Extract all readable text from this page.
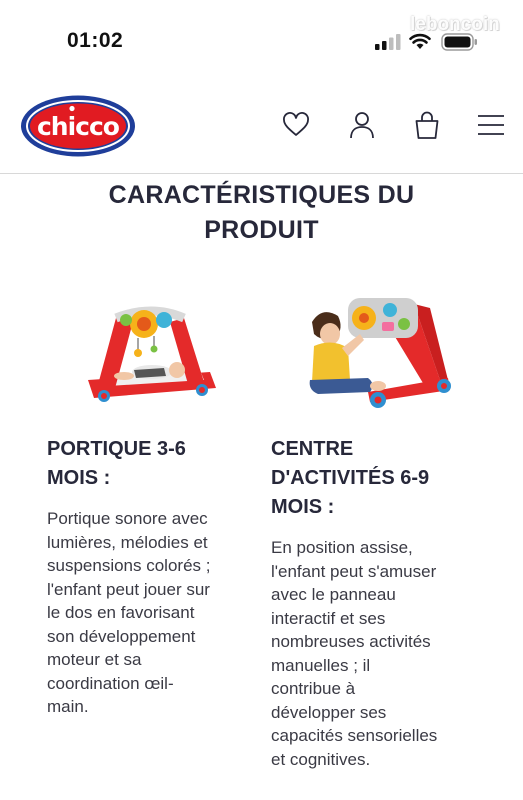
01:02
leboncoin
chicco
CARACTÉRISTIQUES DU
PRODUIT
PORTIQUE 3-6
MOIS :
CENTRE
D'ACTIVITÉS 6-9
MOIS :
Portique sonore avec
lumières, mélodies et
suspensions colorés ;
l'enfant peut jouer sur
le dos en favorisant
son développement
moteur et sa
coordination œil-
main.
En position assise,
l'enfant peut s'amuser
avec le panneau
interactif et ses
nombreuses activités
manuelles ; il
contribue à
développer ses
capacités sensorielles
et cognitives.
